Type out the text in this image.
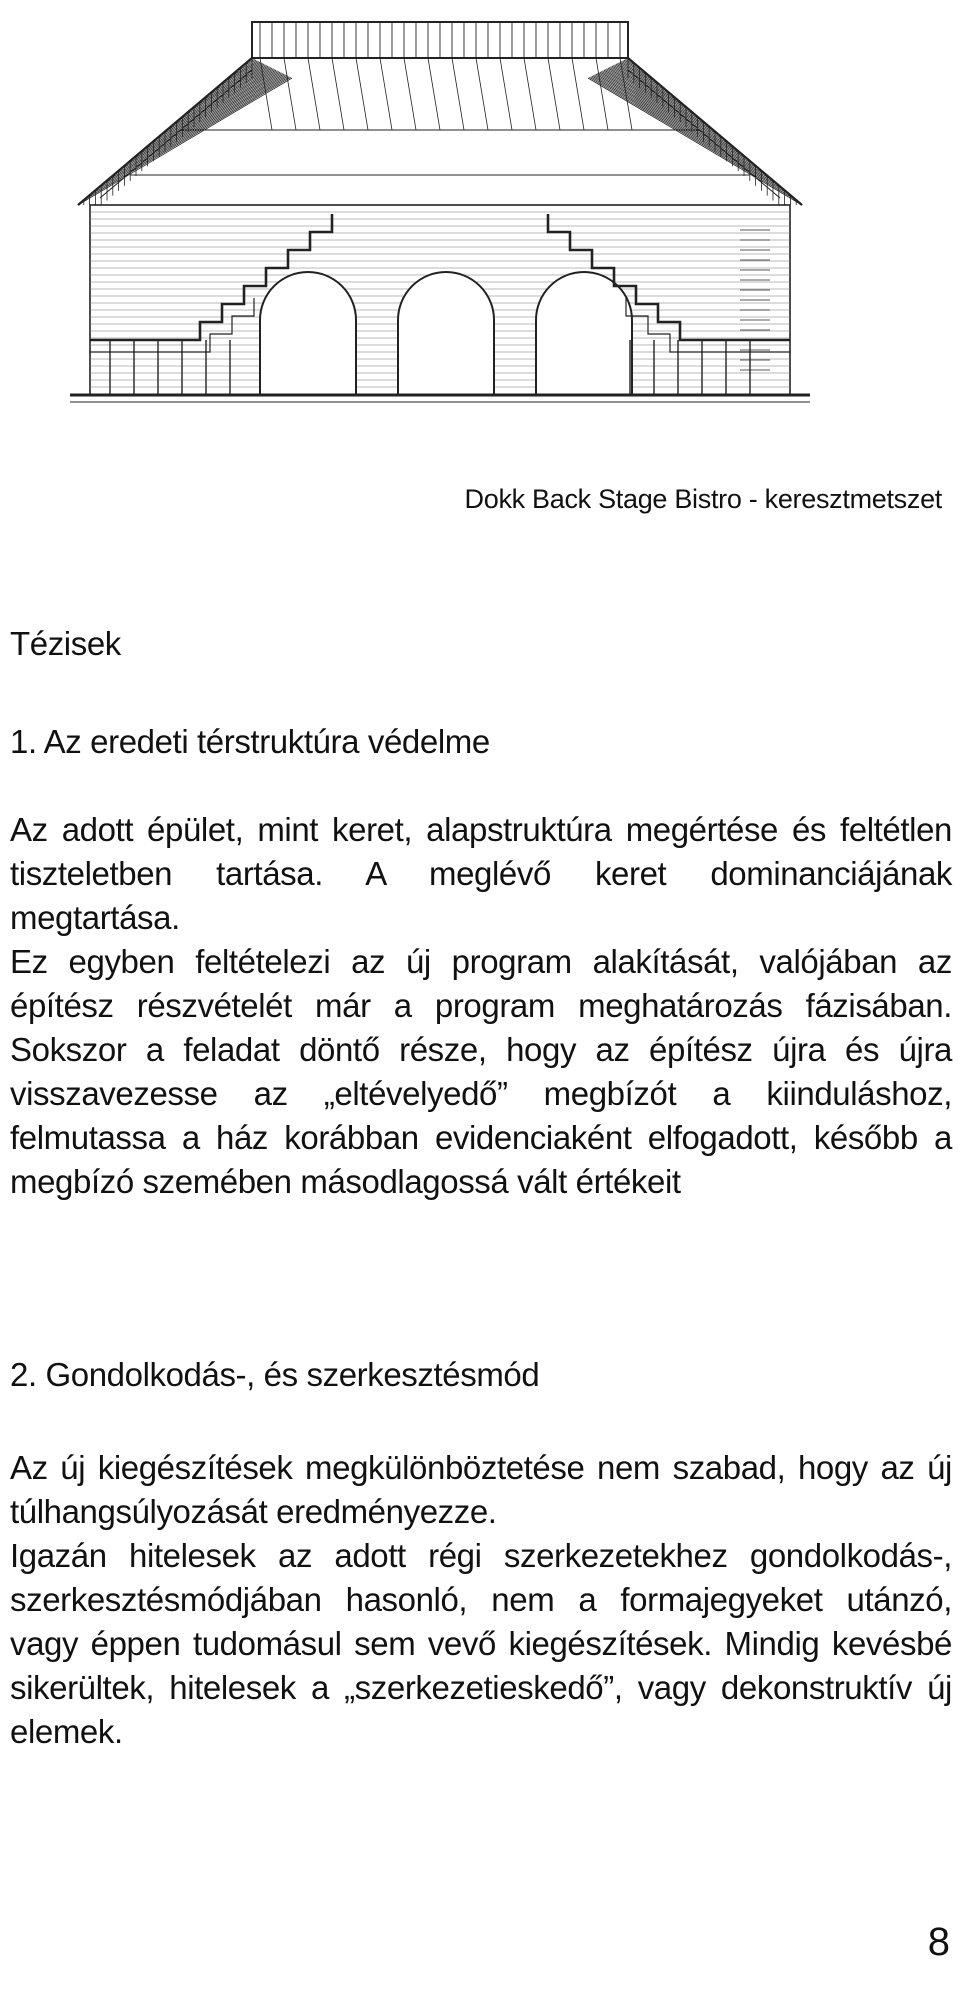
Dokk Back Stage Bistro - keresztmetszet
Tézisek
1. Az eredeti térstruktúra védelme

Az adott épület, mint keret, alapstruktúra megértése és feltétlen tiszteletben tartása. A meglévő keret dominanciájának megtartása.

Ez egyben feltételezi az új program alakítását, valójában az építész részvételét már a program meghatározás fázisában. Sokszor a feladat döntő része, hogy az építész újra és újra visszavezesse az „eltévelyedő” megbízót a kiinduláshoz, felmutassa a ház korábban evidenciaként elfogadott, később a megbízó szemében másodlagossá vált értékeit

2. Gondolkodás-, és szerkesztésmód

Az új kiegészítések megkülönböztetése nem szabad, hogy az új túlhangsúlyozását eredményezze.

Igazán hitelesek az adott régi szerkezetekhez gondolkodás-, szerkesztésmódjában hasonló, nem a formajegyeket utánzó, vagy éppen tudomásul sem vevő kiegészítések. Mindig kevésbé sikerültek, hitelesek a „szerkezetieskedő”, vagy dekonstruktív új elemek.

8
